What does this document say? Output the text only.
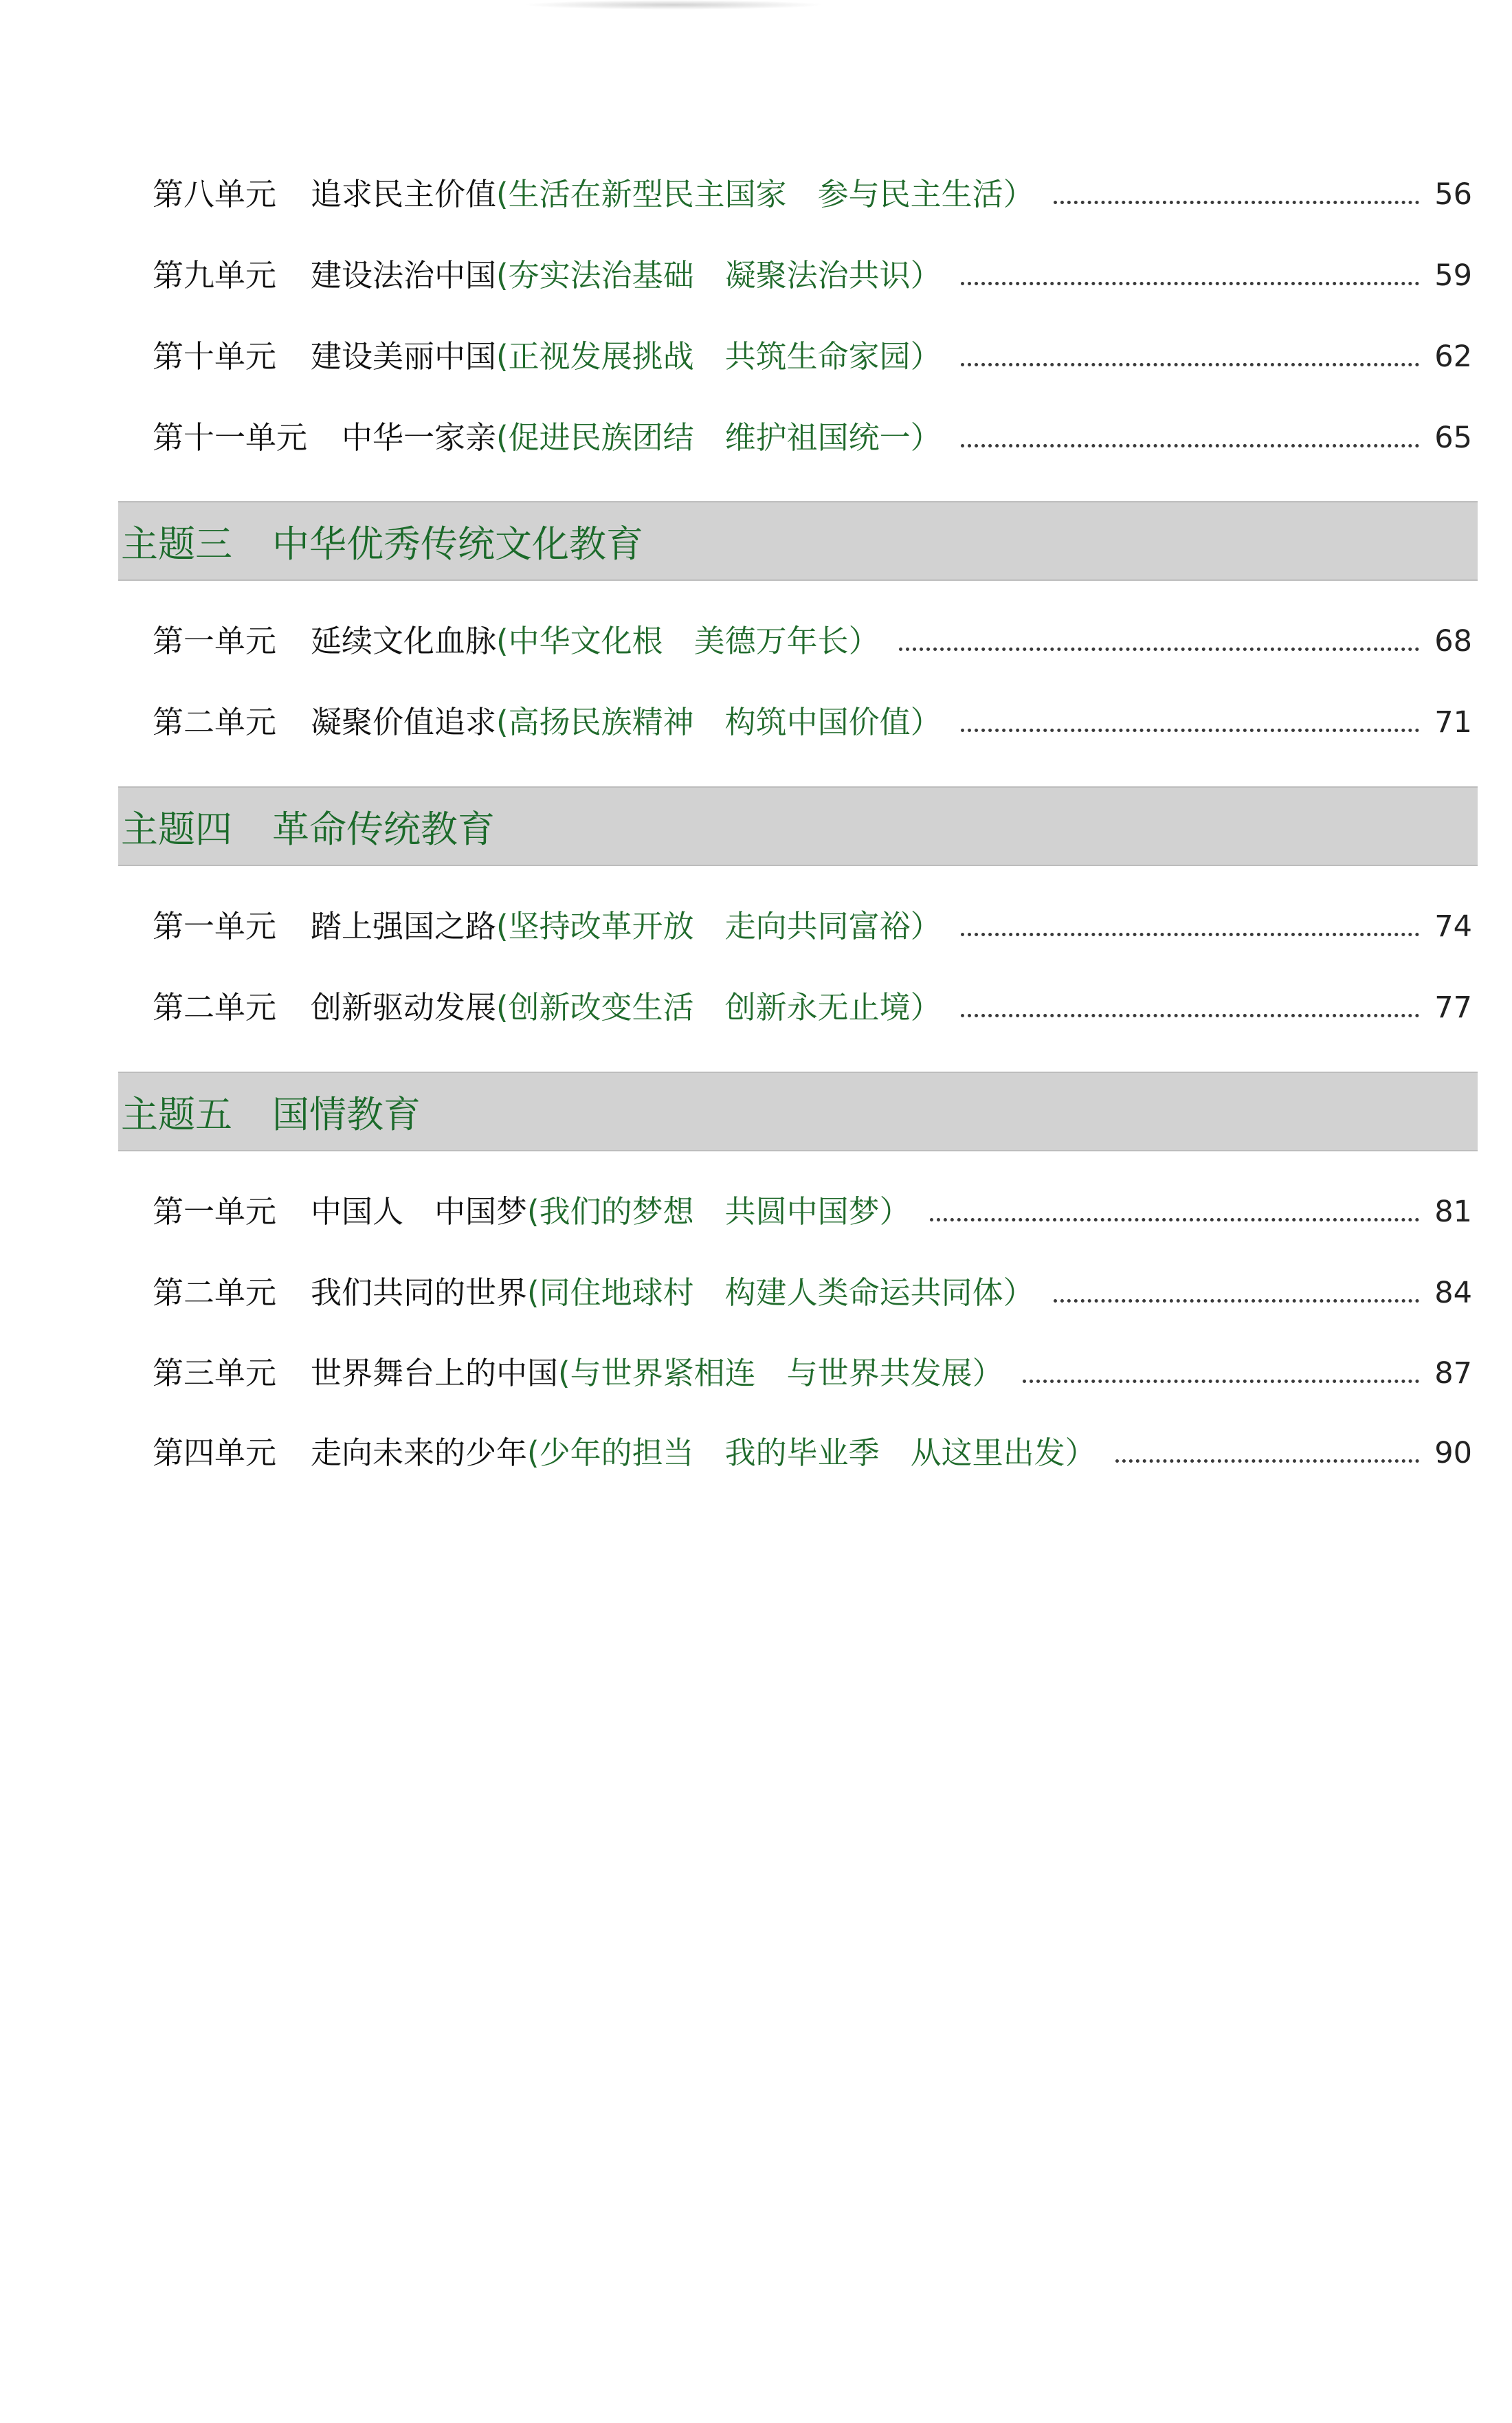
第八单元 追求民主价值 (生活在新型民主国家　参与民主生活）	56
第九单元 建设法治中国 (夯实法治基础　凝聚法治共识）	59
第十单元 建设美丽中国 (正视发展挑战　共筑生命家园）	62
第十一单元 中华一家亲 (促进民族团结　维护祖国统一）	65
主题三 中华优秀传统文化教育
第一单元 延续文化血脉 (中华文化根　美德万年长）	68
第二单元 凝聚价值追求 (高扬民族精神　构筑中国价值）	71
主题四 革命传统教育
第一单元 踏上强国之路 (坚持改革开放　走向共同富裕）	74
第二单元 创新驱动发展 (创新改变生活　创新永无止境）	77
主题五 国情教育
第一单元 中国人　中国梦 (我们的梦想　共圆中国梦）	81
第二单元 我们共同的世界 (同住地球村　构建人类命运共同体）	84
第三单元 世界舞台上的中国 (与世界紧相连　与世界共发展）	87
第四单元 走向未来的少年 (少年的担当　我的毕业季　从这里出发）	90
